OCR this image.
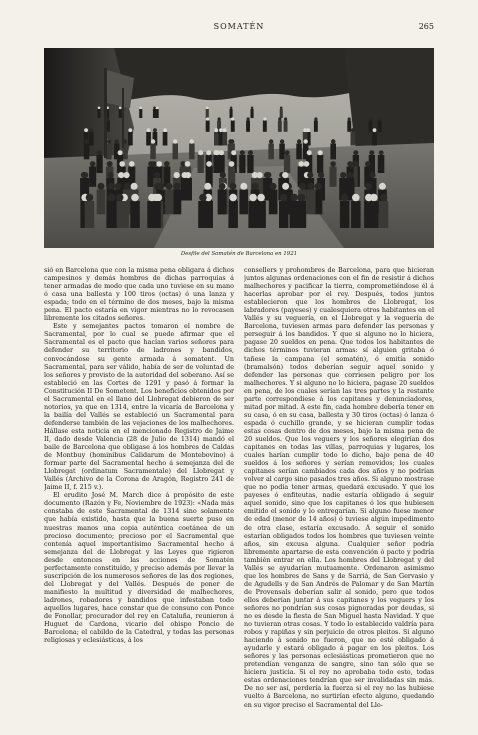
SOMATÉN	265
Desfile del Somatén de Barcelona en 1921

sió en Barcelona que con la misma pena obligara á dichos campesinos y demás hombres de dichas parroquias á tener armadas de modo que cada uno tuviese en su mano ó casa una ballesta y 100 tiros (octas) ó una lanza y espada; todo en el término de dos meses, bajo la misma pena. El pacto estaría en vigor mientras no lo revocasen libremente los citados señores.

Este y semejantes pactos tomaron el nombre de Sacramental, por lo cual se puede afirmar que el Sacramental es el pacto que hacían varios señores para defender su territorio de ladrones y bandidos, convocándose su gente armada á somatent. Un Sacramental, para ser válido, había de ser de voluntad de los señores y provisto de la autoridad del soberano. Así se estableció en las Cortes de 1291 y pasó á formar la Constitución II De Sometent. Los beneficios obtenidos por el Sacramental en el llano del Llobregat debieron de ser notorios, ya que en 1314, entre la vicaría de Barcelona y la bailía del Vallés se estableció un Sacramental para defenderse también de las vejaciones de los malhechores. Hállase esta noticia en el mencionado Registro de Jaime II, dado desde Valencia (28 de Julio de 1314) mandó el baile de Barcelona que obligase á los hombres de Caldas de Montbuy (hominibus Calidarum de Montebovino) á formar parte del Sacramental hecho á semejanza del de Llobregat (ordinatum Sacramentale) del Llobregat y Vallés (Archivo de la Corona de Aragón, Registro 241 de Jaime II, f. 215 v.).

El erudito José M. March dice á propósito de este documento (Razón y Fe, Noviembre de 1923): «Nada más constaba de este Sacramental de 1314 sino solamente que había existido, hasta que la buena suerte puso en nuestras manos una copia auténtica coetánea de un precioso documento; precioso por el Sacramental que contenía aquel importantísimo Sacramental hecho á semejanza del de Llobregat y las Leyes que rigieron desde entonces en las acciones de Somatén perfectamente constituído, y preciso además por llevar la suscripción de los numerosos señores de las dos regiones, del Llobregat y del Vallés. Después de poner de manifiesto la multitud y diversidad de malhechores, ladrones, robadores y bandidos que infestaban todo aquellos lugares, hace constar que de consuno con Ponce de Fonollar, procurador del rey en Cataluña, reunieron á Huguet de Cardona, vicario del obispo Poncio de Barcelona; el cabildo de la Catedral, y todas las personas religiosas y eclesiásticas, á los

consellers y prohombres de Barcelona, para que hicieran juntos algunas ordenaciones con el fin de resistir á dichos malhechores y pacificar la tierra, comprometiéndose él á hacerlas aprobar por el rey. Después, todos juntos establecieron que los hombres de Llobregat, los labradores (payeses) y cualesquiera otros habitantes en el Vallés y su veguería, en el Llobregat y la veguería de Barcelona, tuviesen armas para defender las personas y perseguir á los bandidos. Y que si alguno no lo hiciera, pagase 20 sueldos en pena. Que todos los habitantes de dichos términos tuvieran armas: sí alguien gritaba ó tañese la campana (el somatén), ó emitía sonido (bramalsón) todos deberían seguir aquel sonido y defender las personas que corriesen peligro por los malhechores. Y si alguno no lo hiciera, pagase 20 sueldos en pena, de los cuales serían las tres partes y la restante parte correspondiese á los capitanes y denunciadores, mitad por mitad. A este fin, cada hombre debería tener en su casa, ó en su casa, ballesta y 30 tiros (octas) ó lanza ó espada ó cuchillo grande, y se hicieran cumplir todas estas cosas dentro de dos meses, bajo la misma pena de 20 sueldos. Que los veguers y los señores elegirían dos capitanes en todas las villas, parroquias y lugares, los cuales harían cumplir todo lo dicho, bajo pena de 40 sueldos á los señores y serían removidos; los cuales capitanes serían cambiados cada dos años y no podrían volver al cargo sino pasados tres años. Si alguno mostrase que no podía tener armas, quedará excusado. Y que los payeses ó enfiteutas, nadie estaría obligado á seguir aquel sonido, sino que los capitanes ó los que hubiesen emitido el sonido y lo entregarían. Si alguno fuese menor de edad (menor de 14 años) ó tuviese algún impedimento de otra clase, estaría excusado. Á seguir el sonido estarían obligados todos los hombres que tuviesen veinte años, sin excusa alguna. Cualquier señor podría libremente apartarse de esta convención ó pacto y podría también entrar en ella. Los hombres del Llobregat y del Vallés se ayudarían mutuamente. Ordenaron asimismo que los hombres de Sans y de Sarriá, de San Gervasio y de Agudells y de San Andrés de Palomar y de San Martín de Provensals deberían salir al sonido, pero que todos ellos deberían juntar á sus capitanes y los veguers y los señores no pondrían sus cosas pignoradas por deudas, si no es desde la fiesta de San Miguel hasta Navidad. Y que no tuvieran otras cosas. Y todo lo establecido valdría para robos y rapiñas y sin perjuicio de otros pleitos. Si alguno haciendo á sonido no fueron, que no esté obligado á ayudarle y estará obligado á pagar en los pleitos. Los señores y las personas eclesiásticas prometieron que no pretendían venganza de sangre, sino tan sólo que se hiciera justicia. Si el rey no aprobaba todo esto, todas estas ordenaciones tendrían que ser invalidadas sin más. De no ser así, perdería la fuerza si el rey no las hubiese vuelto á Barcelona, no surtirían efecto alguno, quedando en su vigor preciso el Sacramental del Llo-
